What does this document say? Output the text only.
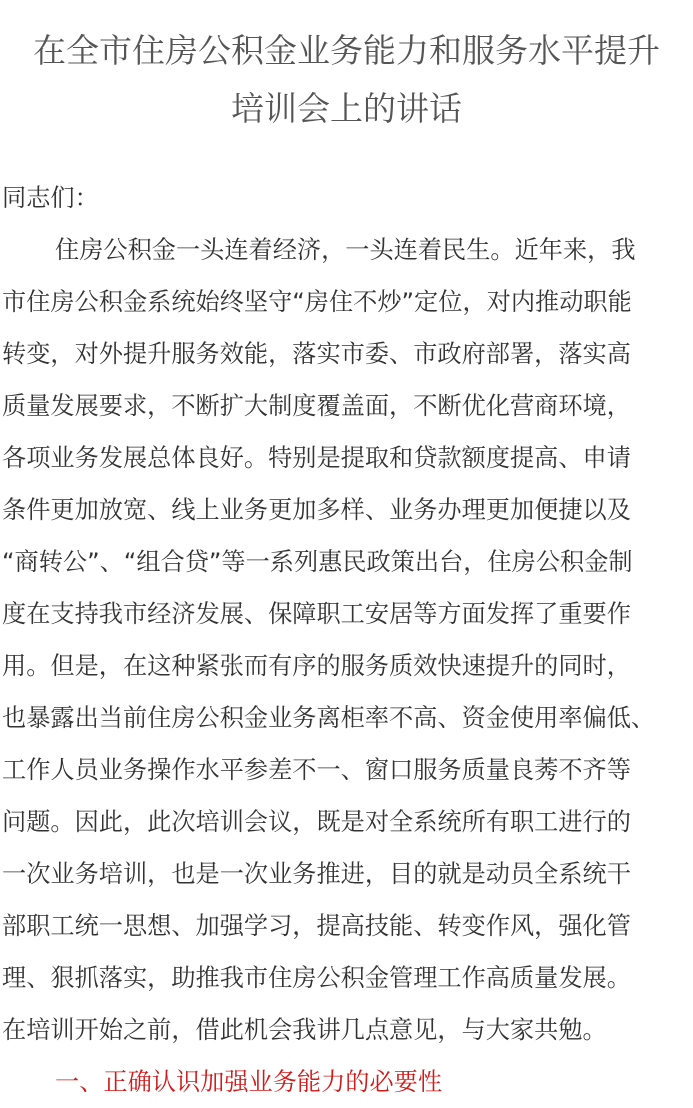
在全市住房公积金业务能力和服务水平提升
培训会上的讲话
同志们：
住房公积金一头连着经济，一头连着民生。近年来，我
市住房公积金系统始终坚守“房住不炒”定位，对内推动职能
转变，对外提升服务效能，落实市委、市政府部署，落实高
质量发展要求，不断扩大制度覆盖面，不断优化营商环境，
各项业务发展总体良好。特别是提取和贷款额度提高、申请
条件更加放宽、线上业务更加多样、业务办理更加便捷以及
“商转公”、“组合贷”等一系列惠民政策出台，住房公积金制
度在支持我市经济发展、保障职工安居等方面发挥了重要作
用。但是，在这种紧张而有序的服务质效快速提升的同时，
也暴露出当前住房公积金业务离柜率不高、资金使用率偏低、
工作人员业务操作水平参差不一、窗口服务质量良莠不齐等
问题。因此，此次培训会议，既是对全系统所有职工进行的
一次业务培训，也是一次业务推进，目的就是动员全系统干
部职工统一思想、加强学习，提高技能、转变作风，强化管
理、狠抓落实，助推我市住房公积金管理工作高质量发展。
在培训开始之前，借此机会我讲几点意见，与大家共勉。
一、正确认识加强业务能力的必要性
